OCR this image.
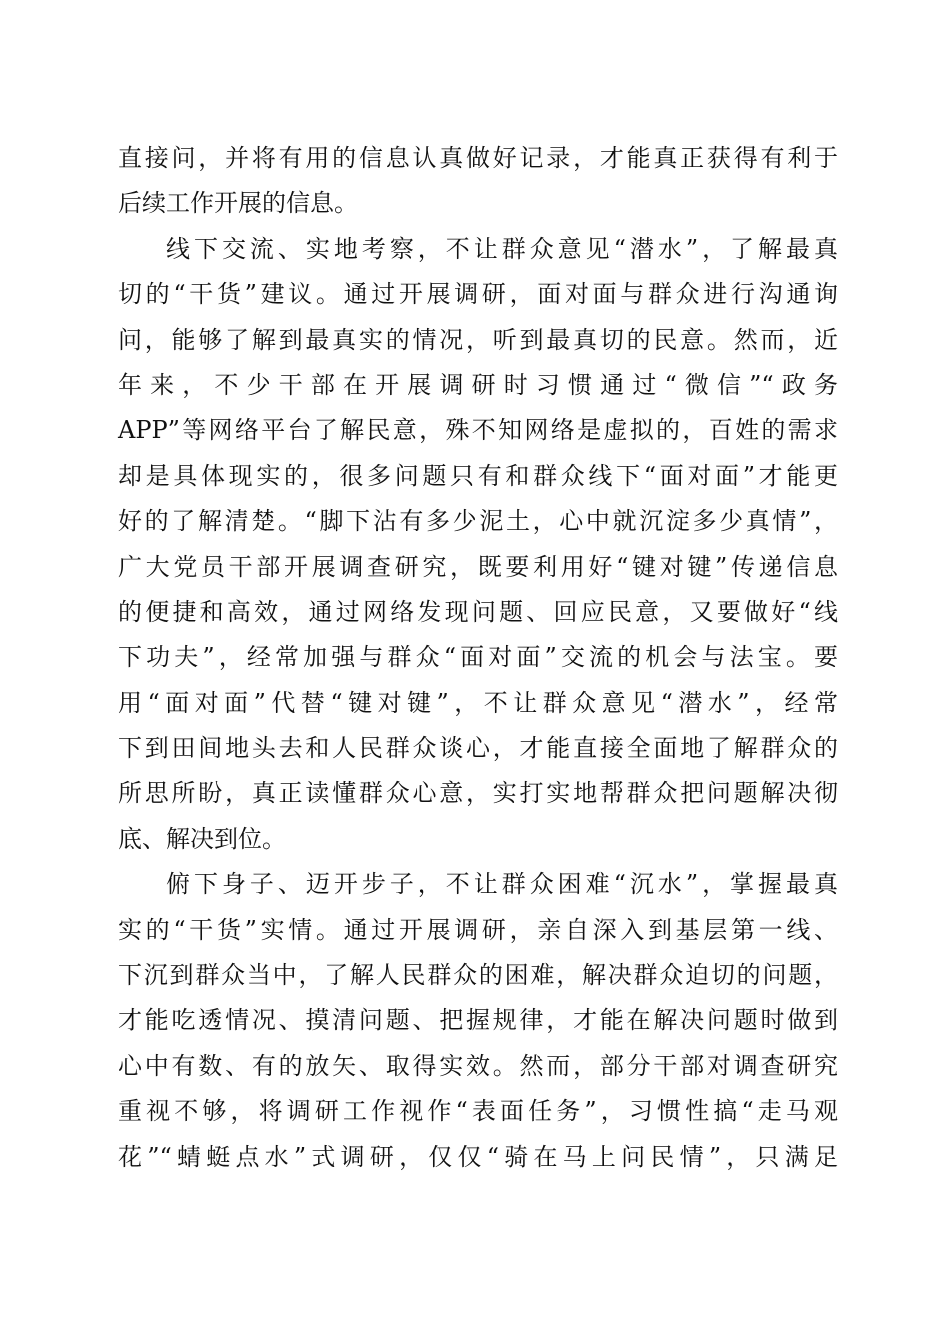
直接问，并将有用的信息认真做好记录，才能真正获得有利于
后续工作开展的信息。
线下交流、实地考察，不让群众意见“潜水”，了解最真
切的“干货”建议。通过开展调研，面对面与群众进行沟通询
问，能够了解到最真实的情况，听到最真切的民意。然而，近
年来，不少干部在开展调研时习惯通过“微信”“政务
APP”等网络平台了解民意，殊不知网络是虚拟的，百姓的需求
却是具体现实的，很多问题只有和群众线下“面对面”才能更
好的了解清楚。“脚下沾有多少泥土，心中就沉淀多少真情”，
广大党员干部开展调查研究，既要利用好“键对键”传递信息
的便捷和高效，通过网络发现问题、回应民意，又要做好“线
下功夫”，经常加强与群众“面对面”交流的机会与法宝。要
用“面对面”代替“键对键”，不让群众意见“潜水”，经常
下到田间地头去和人民群众谈心，才能直接全面地了解群众的
所思所盼，真正读懂群众心意，实打实地帮群众把问题解决彻
底、解决到位。
俯下身子、迈开步子，不让群众困难“沉水”，掌握最真
实的“干货”实情。通过开展调研，亲自深入到基层第一线、
下沉到群众当中，了解人民群众的困难，解决群众迫切的问题，
才能吃透情况、摸清问题、把握规律，才能在解决问题时做到
心中有数、有的放矢、取得实效。然而，部分干部对调查研究
重视不够，将调研工作视作“表面任务”，习惯性搞“走马观
花”“蜻蜓点水”式调研，仅仅“骑在马上问民情”，只满足
